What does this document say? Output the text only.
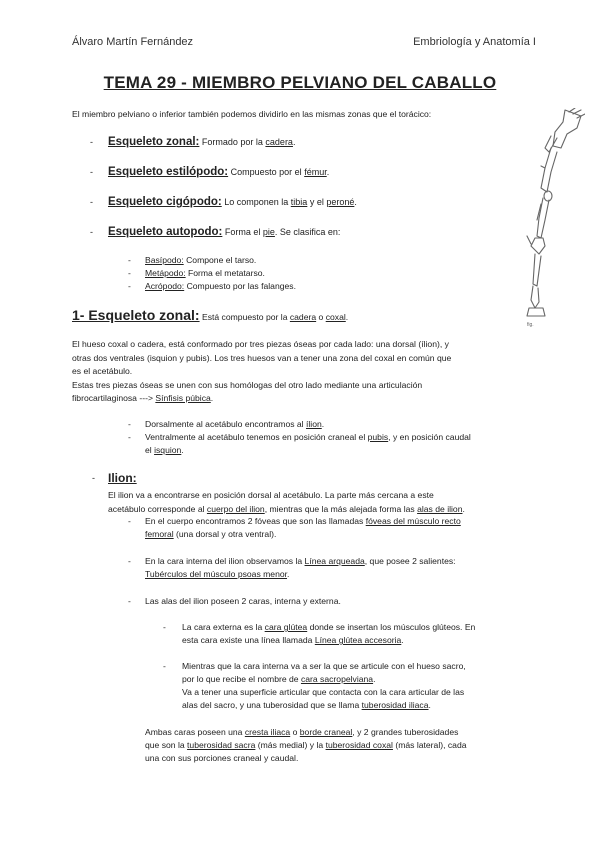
Álvaro Martín Fernández	Embriología y Anatomía I
TEMA 29 - MIEMBRO PELVIANO DEL CABALLO
El miembro pelviano o inferior también podemos dividirlo en las mismas zonas que el torácico:
- Esqueleto zonal: Formado por la cadera.
- Esqueleto estilópodo: Compuesto por el fémur.
- Esqueleto cigópodo: Lo componen la tibia y el peroné.
- Esqueleto autopodo: Forma el pie. Se clasifica en:
- Basípodo: Compone el tarso.
- Metápodo: Forma el metatarso.
- Acrópodo: Compuesto por las falanges.
1- Esqueleto zonal: Está compuesto por la cadera o coxal.
El hueso coxal o cadera, está conformado por tres piezas óseas por cada lado: una dorsal (ílion), y
otras dos ventrales (isquion y pubis). Los tres huesos van a tener una zona del coxal en común que
es el acetábulo.
Estas tres piezas óseas se unen con sus homólogas del otro lado mediante una articulación
fibrocartilaginosa ---> Sínfisis púbica.
- Dorsalmente al acetábulo encontramos al ílion.
- Ventralmente al acetábulo tenemos en posición craneal el pubis, y en posición caudal
el isquion.
- Ilion:
El ilion va a encontrarse en posición dorsal al acetábulo. La parte más cercana a este
acetábulo corresponde al cuerpo del ilion, mientras que la más alejada forma las alas de ilion.
- En el cuerpo encontramos 2 fóveas que son las llamadas fóveas del músculo recto
femoral (una dorsal y otra ventral).
- En la cara interna del ilion observamos la Línea arqueada, que posee 2 salientes:
Tubérculos del músculo psoas menor.
- Las alas del ilion poseen 2 caras, interna y externa.
- La cara externa es la cara glútea donde se insertan los músculos glúteos. En
esta cara existe una línea llamada Línea glútea accesoria.
- Mientras que la cara interna va a ser la que se articule con el hueso sacro,
por lo que recibe el nombre de cara sacropelviana.
Va a tener una superficie articular que contacta con la cara articular de las
alas del sacro, y una tuberosidad que se llama tuberosidad iliaca.
Ambas caras poseen una cresta iliaca o borde craneal, y 2 grandes tuberosidades
que son la tuberosidad sacra (más medial) y la tuberosidad coxal (más lateral), cada
una con sus porciones craneal y caudal.
fig.
